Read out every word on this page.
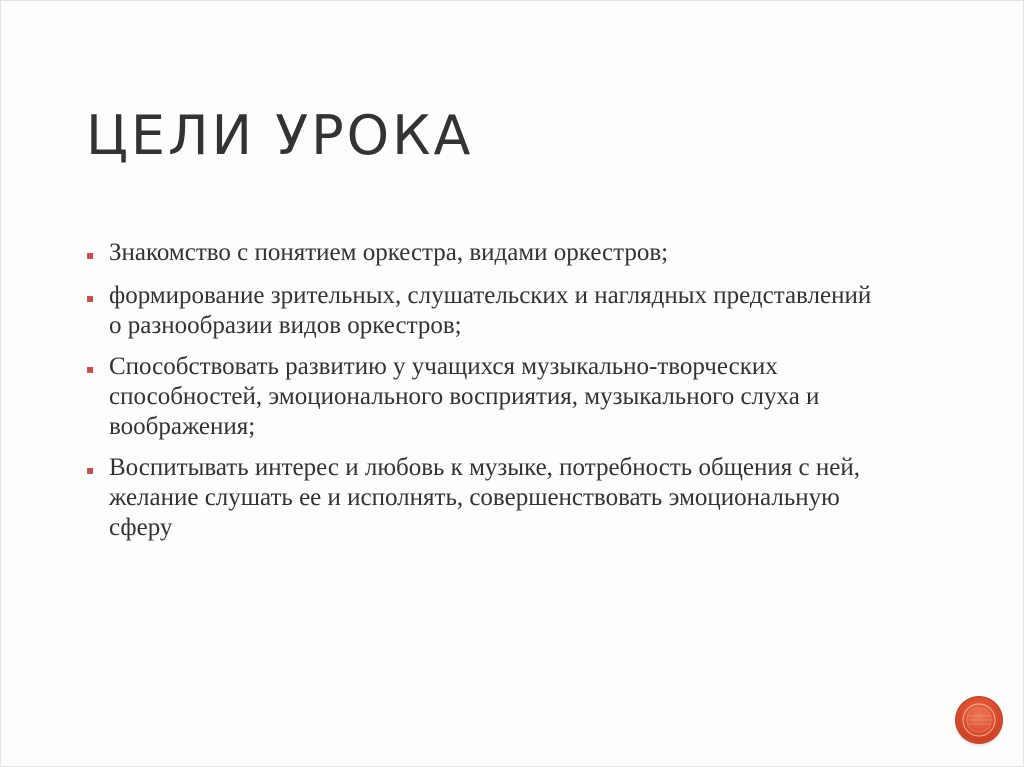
ЦЕЛИ УРОКА
▪ Знакомство с понятием оркестра, видами оркестров;
▪ формирование зрительных, слушательских и наглядных представлений о разнообразии видов оркестров;
▪ Способствовать развитию у учащихся музыкально-творческих способностей, эмоционального восприятия, музыкального слуха и воображения;
▪ Воспитывать интерес и любовь к музыке, потребность общения с ней, желание слушать ее и исполнять, совершенствовать эмоциональную сферу
